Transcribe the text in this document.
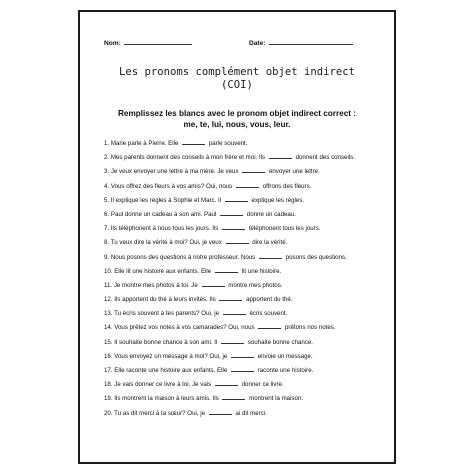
Nom:	Date:
Les pronoms complément objet indirect
(COI)
Remplissez les blancs avec le pronom objet indirect correct :
me, te, lui, nous, vous, leur.
1. Marie parle à Pierre. Elle	parle souvent.
2. Mes parents donnent des conseils à mon frère et moi. Ils	donnent des conseils.
3. Je veux envoyer une lettre à ma mère. Je veux	envoyer une lettre.
4. Vous offrez des fleurs à vos amis? Oui, nous	offrons des fleurs.
5. Il explique les règles à Sophie et Marc. Il	explique les règles.
6. Paul donne un cadeau à son ami. Paul	donne un cadeau.
7. Ils téléphonent à nous tous les jours. Ils	téléphonent tous les jours.
8. Tu veux dire la vérité à moi? Oui, je veux	dire la vérité.
9. Nous posons des questions à notre professeur. Nous	posons des questions.
10. Elle lit une histoire aux enfants. Elle	lit une histoire.
11. Je montre mes photos à toi. Je	montre mes photos.
12. Ils apportent du thé à leurs invités. Ils	apportent du thé.
13. Tu écris souvent à tes parents? Oui, je	écris souvent.
14. Vous prêtez vos notes à vos camarades? Oui, nous	prêtons nos notes.
15. Il souhaite bonne chance à son ami. Il	souhaite bonne chance.
16. Vous envoyez un message à moi? Oui, je	envoie un message.
17. Elle raconte une histoire aux enfants. Elle	raconte une histoire.
18. Je vais donner ce livre à toi. Je vais	donner ce livre.
19. Ils montrent la maison à leurs amis. Ils	montrent la maison.
20. Tu as dit merci à ta sœur? Oui, je	ai dit merci.
